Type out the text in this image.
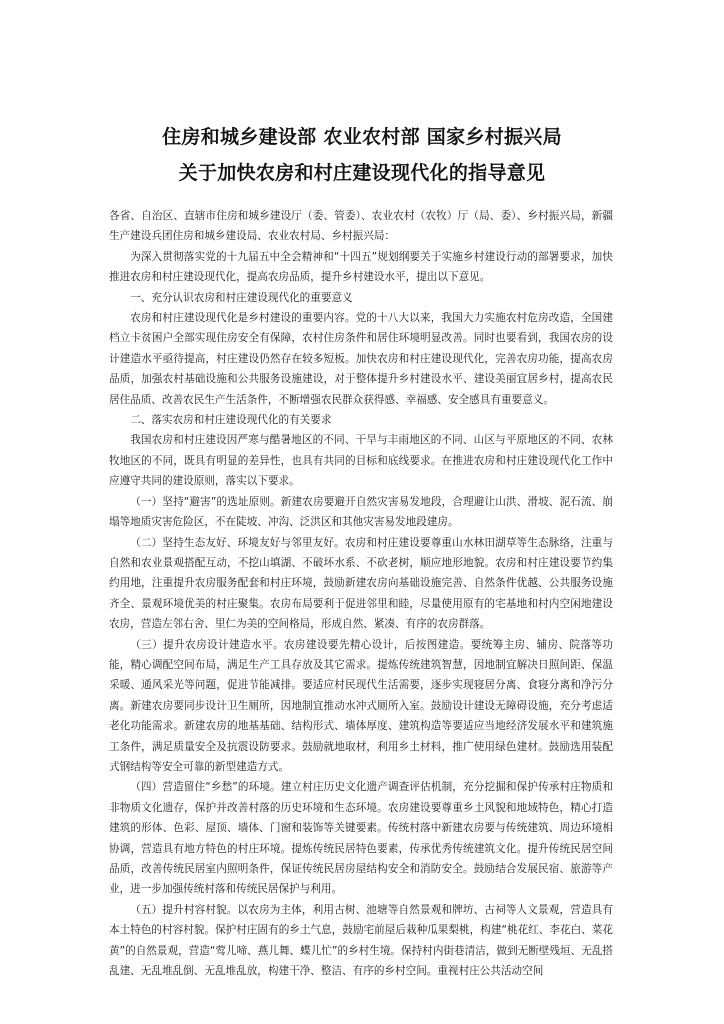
住房和城乡建设部 农业农村部 国家乡村振兴局
关于加快农房和村庄建设现代化的指导意见

各省、自治区、直辖市住房和城乡建设厅（委、管委）、农业农村（农牧）厅（局、委）、乡村振兴局，新疆生产建设兵团住房和城乡建设局、农业农村局、乡村振兴局：

为深入贯彻落实党的十九届五中全会精神和“十四五”规划纲要关于实施乡村建设行动的部署要求，加快推进农房和村庄建设现代化，提高农房品质，提升乡村建设水平，提出以下意见。

一、充分认识农房和村庄建设现代化的重要意义

农房和村庄建设现代化是乡村建设的重要内容。党的十八大以来，我国大力实施农村危房改造，全国建档立卡贫困户全部实现住房安全有保障，农村住房条件和居住环境明显改善。同时也要看到，我国农房的设计建造水平亟待提高，村庄建设仍然存在较多短板。加快农房和村庄建设现代化，完善农房功能，提高农房品质，加强农村基础设施和公共服务设施建设，对于整体提升乡村建设水平、建设美丽宜居乡村，提高农民居住品质、改善农民生产生活条件，不断增强农民群众获得感、幸福感、安全感具有重要意义。

二、落实农房和村庄建设现代化的有关要求

我国农房和村庄建设因严寒与酷暑地区的不同、干旱与丰雨地区的不同、山区与平原地区的不同、农林牧地区的不同，既具有明显的差异性，也具有共同的目标和底线要求。在推进农房和村庄建设现代化工作中应遵守共同的建设原则，落实以下要求。

（一）坚持“避害”的选址原则。新建农房要避开自然灾害易发地段，合理避让山洪、滑坡、泥石流、崩塌等地质灾害危险区，不在陡坡、冲沟、泛洪区和其他灾害易发地段建房。

（二）坚持生态友好、环境友好与邻里友好。农房和村庄建设要尊重山水林田湖草等生态脉络，注重与自然和农业景观搭配互动，不挖山填湖、不破坏水系、不砍老树，顺应地形地貌。农房和村庄建设要节约集约用地，注重提升农房服务配套和村庄环境，鼓励新建农房向基础设施完善、自然条件优越、公共服务设施齐全、景观环境优美的村庄聚集。农房布局要利于促进邻里和睦，尽量使用原有的宅基地和村内空闲地建设农房，营造左邻右舍、里仁为美的空间格局，形成自然、紧凑、有序的农房群落。

（三）提升农房设计建造水平。农房建设要先精心设计，后按图建造。要统筹主房、辅房、院落等功能，精心调配空间布局，满足生产工具存放及其它需求。提炼传统建筑智慧，因地制宜解决日照间距、保温采暖、通风采光等问题，促进节能减排。要适应村民现代生活需要，逐步实现寝居分离、食寝分离和净污分离。新建农房要同步设计卫生厕所，因地制宜推动水冲式厕所入室。鼓励设计建设无障碍设施，充分考虑适老化功能需求。新建农房的地基基础、结构形式、墙体厚度、建筑构造等要适应当地经济发展水平和建筑施工条件，满足质量安全及抗震设防要求。鼓励就地取材，利用乡土材料，推广使用绿色建材。鼓励选用装配式钢结构等安全可靠的新型建造方式。

（四）营造留住“乡愁”的环境。建立村庄历史文化遗产调查评估机制，充分挖掘和保护传承村庄物质和非物质文化遗存，保护并改善村落的历史环境和生态环境。农房建设要尊重乡土风貌和地域特色，精心打造建筑的形体、色彩、屋顶、墙体、门窗和装饰等关键要素。传统村落中新建农房要与传统建筑、周边环境相协调，营造具有地方特色的村庄环境。提炼传统民居特色要素，传承优秀传统建筑文化。提升传统民居空间品质，改善传统民居室内照明条件，保证传统民居房屋结构安全和消防安全。鼓励结合发展民宿、旅游等产业，进一步加强传统村落和传统民居保护与利用。

（五）提升村容村貌。以农房为主体，利用古树、池塘等自然景观和牌坊、古祠等人文景观，营造具有本土特色的村容村貌。保护村庄固有的乡土气息，鼓励宅前屋后栽种瓜果梨桃，构建“桃花红、李花白、菜花黄”的自然景观，营造“莺儿啼、燕儿舞、蝶儿忙”的乡村生境。保持村内街巷清洁，做到无断壁残垣、无乱搭乱建、无乱堆乱倒、无乱堆乱放，构建干净、整洁、有序的乡村空间。重视村庄公共活动空间
